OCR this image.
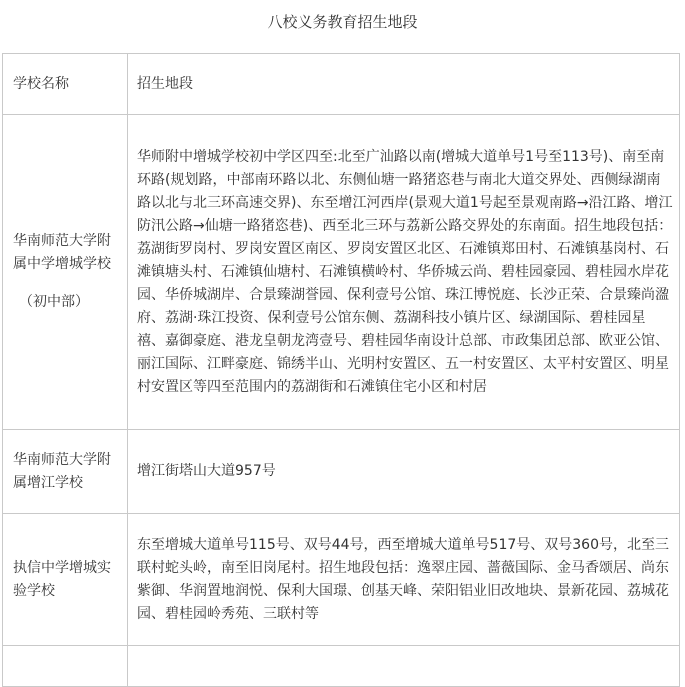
八校义务教育招生地段
学校名称	招生地段
华南师范大学附属中学增城学校
（初中部）	华师附中增城学校初中学区四至:北至广汕路以南(增城大道单号1号至113号)、南至南环路(规划路，中部南环路以北、东侧仙塘一路猪恣巷与南北大道交界处、西侧绿湖南路以北与北三环高速交界)、东至增江河西岸(景观大道1号起至景观南路→沿江路、增江防汛公路→仙塘一路猪恣巷)、西至北三环与荔新公路交界处的东南面。招生地段包括：荔湖街罗岗村、罗岗安置区南区、罗岗安置区北区、石滩镇郑田村、石滩镇基岗村、石滩镇塘头村、石滩镇仙塘村、石滩镇横岭村、华侨城云尚、碧桂园豪园、碧桂园水岸花园、华侨城湖岸、合景臻湖誉园、保利壹号公馆、珠江博悦庭、长沙正荣、合景臻尚溋府、荔湖·珠江投资、保利壹号公馆东侧、荔湖科技小镇片区、绿湖国际、碧桂园星禧、嘉御豪庭、港龙皇朝龙湾壹号、碧桂园华南设计总部、市政集团总部、欧亚公馆、丽江国际、江畔豪庭、锦绣半山、光明村安置区、五一村安置区、太平村安置区、明星村安置区等四至范围内的荔湖街和石滩镇住宅小区和村居
华南师范大学附属增江学校	增江街塔山大道957号
执信中学增城实验学校	东至增城大道单号115号、双号44号，西至增城大道单号517号、双号360号，北至三联村蛇头岭，南至旧岗尾村。招生地段包括：逸翠庄园、蔷薇国际、金马香颂居、尚东紫御、华润置地润悦、保利大国璟、创基天峰、荣阳铝业旧改地块、景新花园、荔城花园、碧桂园岭秀苑、三联村等
